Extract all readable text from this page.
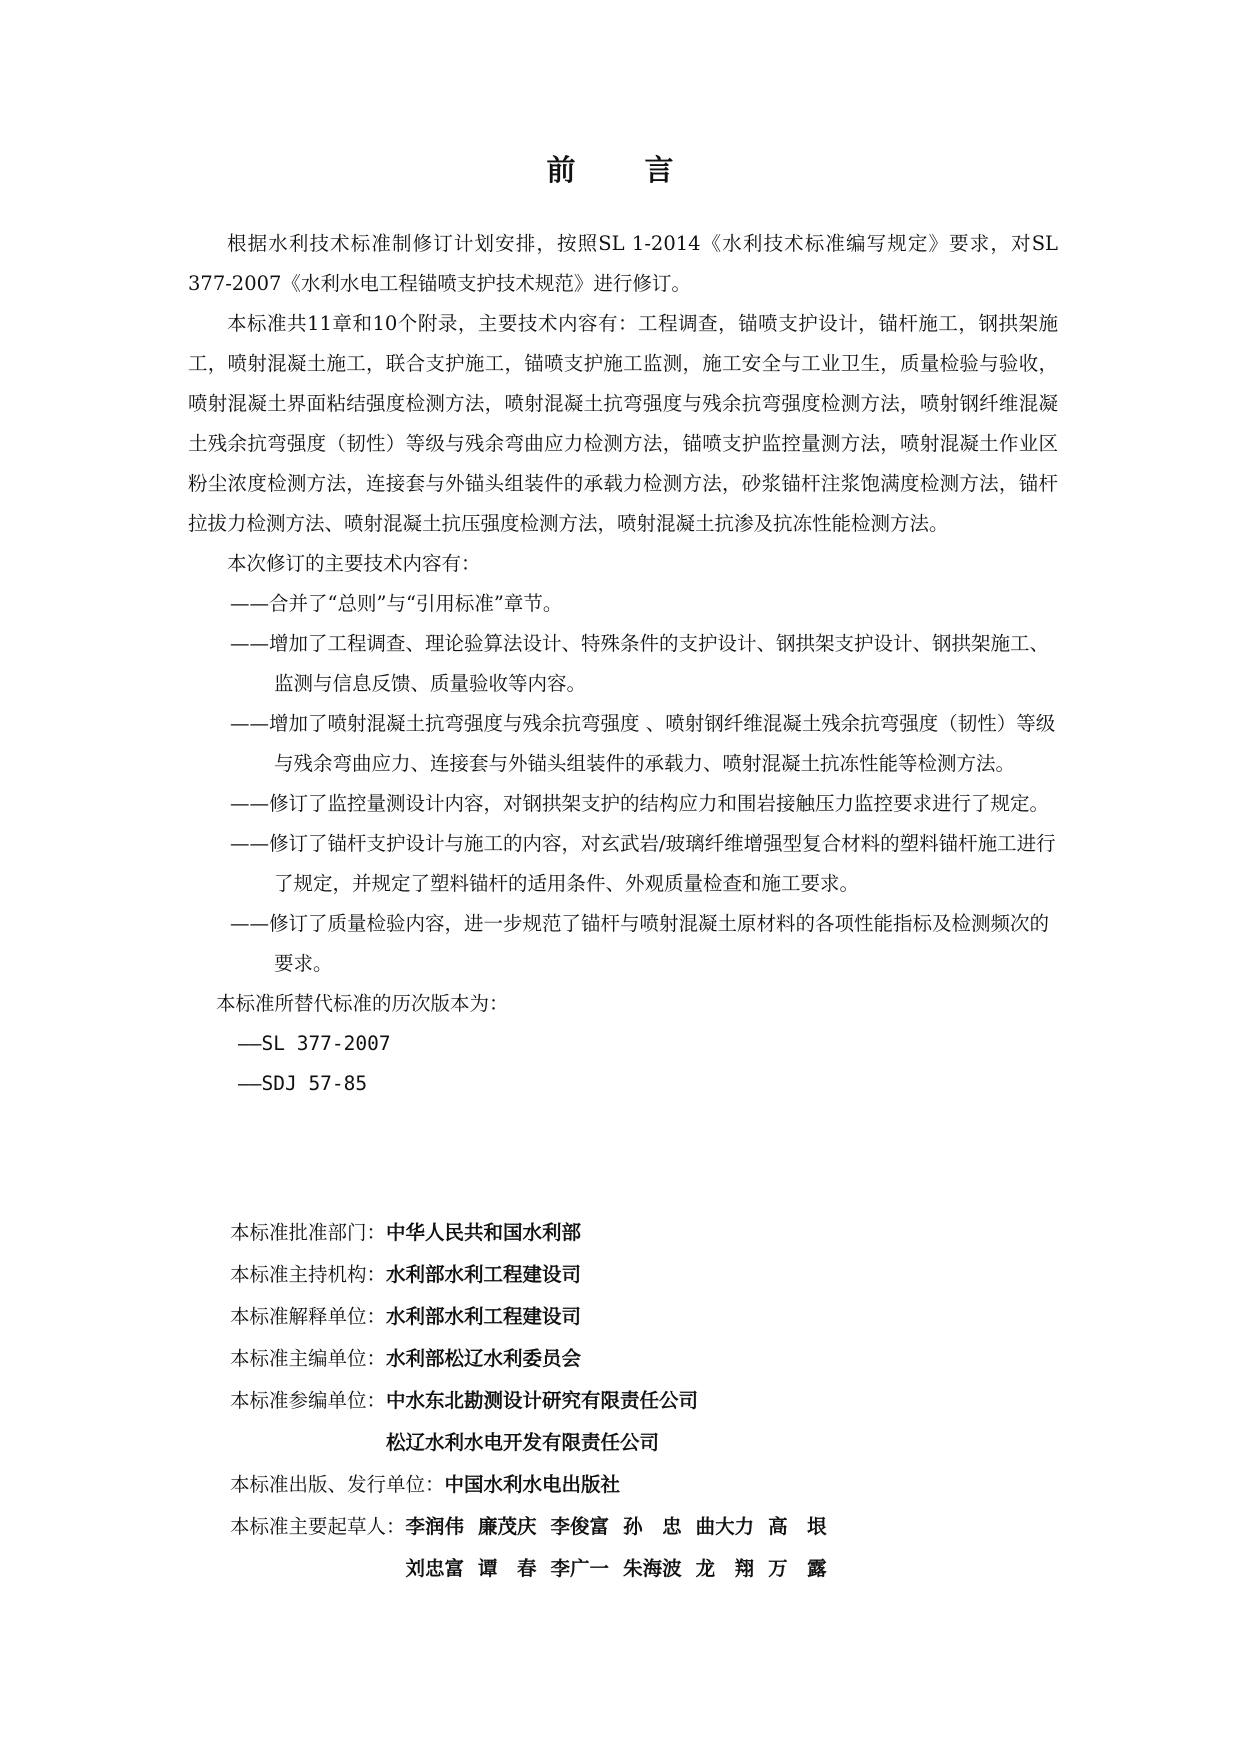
前　言

根据水利技术标准制修订计划安排，按照SL 1-2014《水利技术标准编写规定》要求，对SL 377-2007《水利水电工程锚喷支护技术规范》进行修订。

本标准共11章和10个附录，主要技术内容有：工程调查，锚喷支护设计，锚杆施工，钢拱架施工，喷射混凝土施工，联合支护施工，锚喷支护施工监测，施工安全与工业卫生，质量检验与验收，喷射混凝土界面粘结强度检测方法，喷射混凝土抗弯强度与残余抗弯强度检测方法，喷射钢纤维混凝土残余抗弯强度（韧性）等级与残余弯曲应力检测方法，锚喷支护监控量测方法，喷射混凝土作业区粉尘浓度检测方法，连接套与外锚头组装件的承载力检测方法，砂浆锚杆注浆饱满度检测方法，锚杆拉拔力检测方法、喷射混凝土抗压强度检测方法，喷射混凝土抗渗及抗冻性能检测方法。

本次修订的主要技术内容有：

——合并了“总则”与“引用标准”章节。

——增加了工程调查、理论验算法设计、特殊条件的支护设计、钢拱架支护设计、钢拱架施工、监测与信息反馈、质量验收等内容。

——增加了喷射混凝土抗弯强度与残余抗弯强度 、喷射钢纤维混凝土残余抗弯强度（韧性）等级与残余弯曲应力、连接套与外锚头组装件的承载力、喷射混凝土抗冻性能等检测方法。

——修订了监控量测设计内容，对钢拱架支护的结构应力和围岩接触压力监控要求进行了规定。

——修订了锚杆支护设计与施工的内容，对玄武岩/玻璃纤维增强型复合材料的塑料锚杆施工进行了规定，并规定了塑料锚杆的适用条件、外观质量检查和施工要求。

——修订了质量检验内容，进一步规范了锚杆与喷射混凝土原材料的各项性能指标及检测频次的要求。

本标准所替代标准的历次版本为：

——SL 377-2007

——SDJ 57-85

本标准批准部门： 中华人民共和国水利部
本标准主持机构： 水利部水利工程建设司
本标准解释单位： 水利部水利工程建设司
本标准主编单位： 水利部松辽水利委员会
本标准参编单位： 中水东北勘测设计研究有限责任公司
松辽水利水电开发有限责任公司
本标准出版、发行单位： 中国水利水电出版社
本标准主要起草人： 李润伟 廉茂庆 李俊富 孙　忠 曲大力 高　垠
刘忠富 谭　春 李广一 朱海波 龙　翔 万　露
